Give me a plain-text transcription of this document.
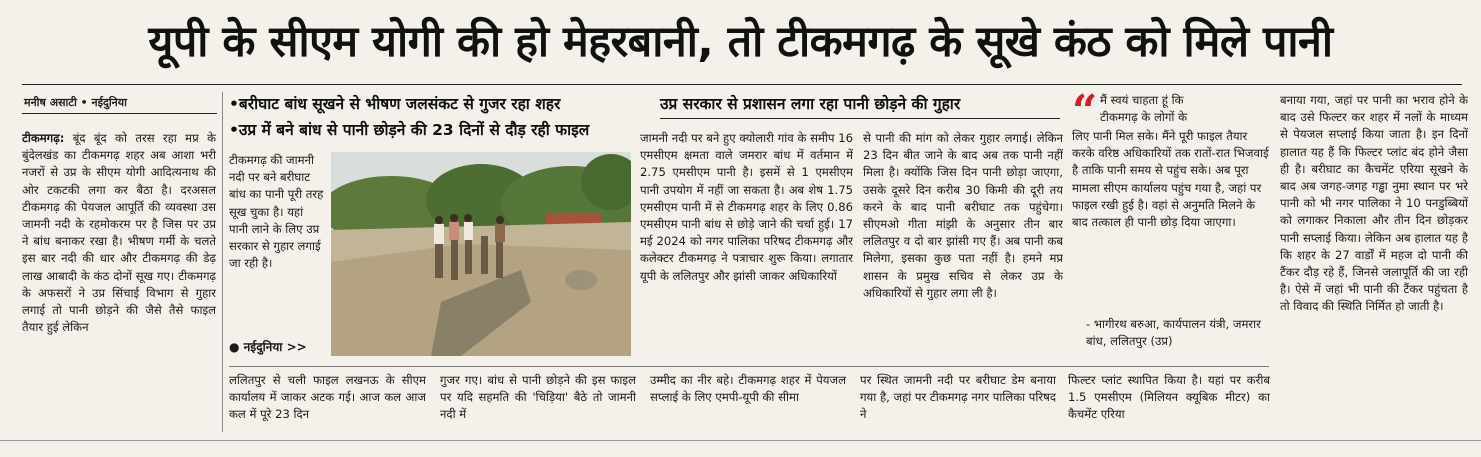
यूपी के सीएम योगी की हो मेहरबानी, तो टीकमगढ़ के सूखे कंठ को मिले पानी
मनीष असाटी • नईदुनिया	•बरीघाट बांध सूखने से भीषण जलसंकट से गुजर रहा शहर
•उप्र में बने बांध से पानी छोड़ने की 23 दिनों से दौड़ रही फाइल
उप्र सरकार से प्रशासन लगा रहा पानी छोड़ने की गुहार

टीकमगढ़: बूंद बूंद को तरस रहा मप्र के बुंदेलखंड का टीकमगढ़ शहर अब आशा भरी नजरों से उप्र के सीएम योगी आदित्यनाथ की ओर टकटकी लगा कर बैठा है। दरअसल टीकमगढ़ की पेयजल आपूर्ति की व्यवस्था उस जामनी नदी के रहमोकरम पर है जिस पर उप्र ने बांध बनाकर रखा है। भीषण गर्मी के चलते इस बार नदी की धार और टीकमगढ़ की डेढ़ लाख आबादी के कंठ दोनों सूख गए। टीकमगढ़ के अफसरों ने उप्र सिंचाई विभाग से गुहार लगाई तो पानी छोड़ने की जैसे तैसे फाइल तैयार हुई लेकिन

टीकमगढ़ की जामनी नदी पर बने बरीघाट बांध का पानी पूरी तरह सूख चुका है। यहां पानी लाने के लिए उप्र सरकार से गुहार लगाई जा रही है।
● नईदुनिया >>
जामनी नदी पर बने हुए क्योलारी गांव के समीप 16 एमसीएम क्षमता वाले जमरार बांध में वर्तमान में 2.75 एमसीएम पानी है। इसमें से 1 एमसीएम पानी उपयोग में नहीं जा सकता है। अब शेष 1.75 एमसीएम पानी में से टीकमगढ़ शहर के लिए 0.86 एमसीएम पानी बांध से छोड़े जाने की चर्चा हुई। 17 मई 2024 को नगर पालिका परिषद टीकमगढ़ और कलेक्टर टीकमगढ़ ने पत्राचार शुरू किया। लगातार यूपी के ललितपुर और झांसी जाकर अधिकारियों
से पानी की मांग को लेकर गुहार लगाई। लेकिन 23 दिन बीत जाने के बाद अब तक पानी नहीं मिला है। क्योंकि जिस दिन पानी छोड़ा जाएगा, उसके दूसरे दिन करीब 30 किमी की दूरी तय करने के बाद पानी बरीघाट तक पहुंचेगा। सीएमओ गीता मांझी के अनुसार तीन बार ललितपुर व दो बार झांसी गए हैं। अब पानी कब मिलेगा, इसका कुछ पता नहीं है। हमने मप्र शासन के प्रमुख सचिव से लेकर उप्र के अधिकारियों से गुहार लगा ली है।
“ मैं स्वयं चाहता हूं कि टीकमगढ़ के लोगों के
लिए पानी मिल सके। मैंने पूरी फाइल तैयार करके वरिष्ठ अधिकारियों तक रातों-रात भिजवाई है ताकि पानी समय से पहुंच सके। अब पूरा मामला सीएम कार्यालय पहुंच गया है, जहां पर फाइल रखी हुई है। वहां से अनुमति मिलने के बाद तत्काल ही पानी छोड़ दिया जाएगा।
- भागीरथ बरुआ, कार्यपालन यंत्री, जमरार बांध, ललितपुर (उप्र)
बनाया गया, जहां पर पानी का भराव होने के बाद उसे फिल्टर कर शहर में नलों के माध्यम से पेयजल सप्लाई किया जाता है। इन दिनों हालात यह हैं कि फिल्टर प्लांट बंद होने जैसा ही है। बरीघाट का कैचमेंट एरिया सूखने के बाद अब जगह-जगह गड्ढा नुमा स्थान पर भरे पानी को भी नगर पालिका ने 10 पनडुब्बियों को लगाकर निकाला और तीन दिन छोड़कर पानी सप्लाई किया। लेकिन अब हालात यह है कि शहर के 27 वार्डों में महज दो पानी की टैंकर दौड़ रहे हैं, जिनसे जलापूर्ति की जा रही है। ऐसे में जहां भी पानी की टैंकर पहुंचता है तो विवाद की स्थिति निर्मित हो जाती है।
ललितपुर से चली फाइल लखनऊ के सीएम कार्यालय में जाकर अटक गई। आज कल आज कल में पूरे 23 दिन
गुजर गए। बांध से पानी छोड़ने की इस फाइल पर यदि सहमति की 'चिड़िया' बैठे तो जामनी नदी में
उम्मीद का नीर बहे। टीकमगढ़ शहर में पेयजल सप्लाई के लिए एमपी-यूपी की सीमा
पर स्थित जामनी नदी पर बरीघाट डेम बनाया गया है, जहां पर टीकमगढ़ नगर पालिका परिषद ने
फिल्टर प्लांट स्थापित किया है। यहां पर करीब 1.5 एमसीएम (मिलियन क्यूबिक मीटर) का कैचमेंट एरिया
